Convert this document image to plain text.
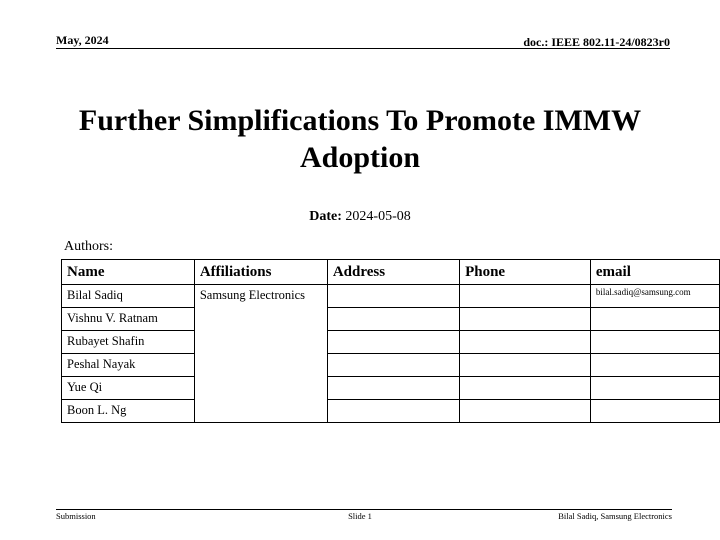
May, 2024	doc.: IEEE 802.11-24/0823r0
Further Simplifications To Promote IMMW Adoption
Date: 2024-05-08
Authors:
Name	Affiliations	Address	Phone	email
Bilal Sadiq	Samsung Electronics			bilal.sadiq@samsung.com
Vishnu V. Ratnam				
Rubayet Shafin				
Peshal Nayak				
Yue Qi				
Boon L. Ng				
Submission	Slide 1	Bilal Sadiq, Samsung Electronics
